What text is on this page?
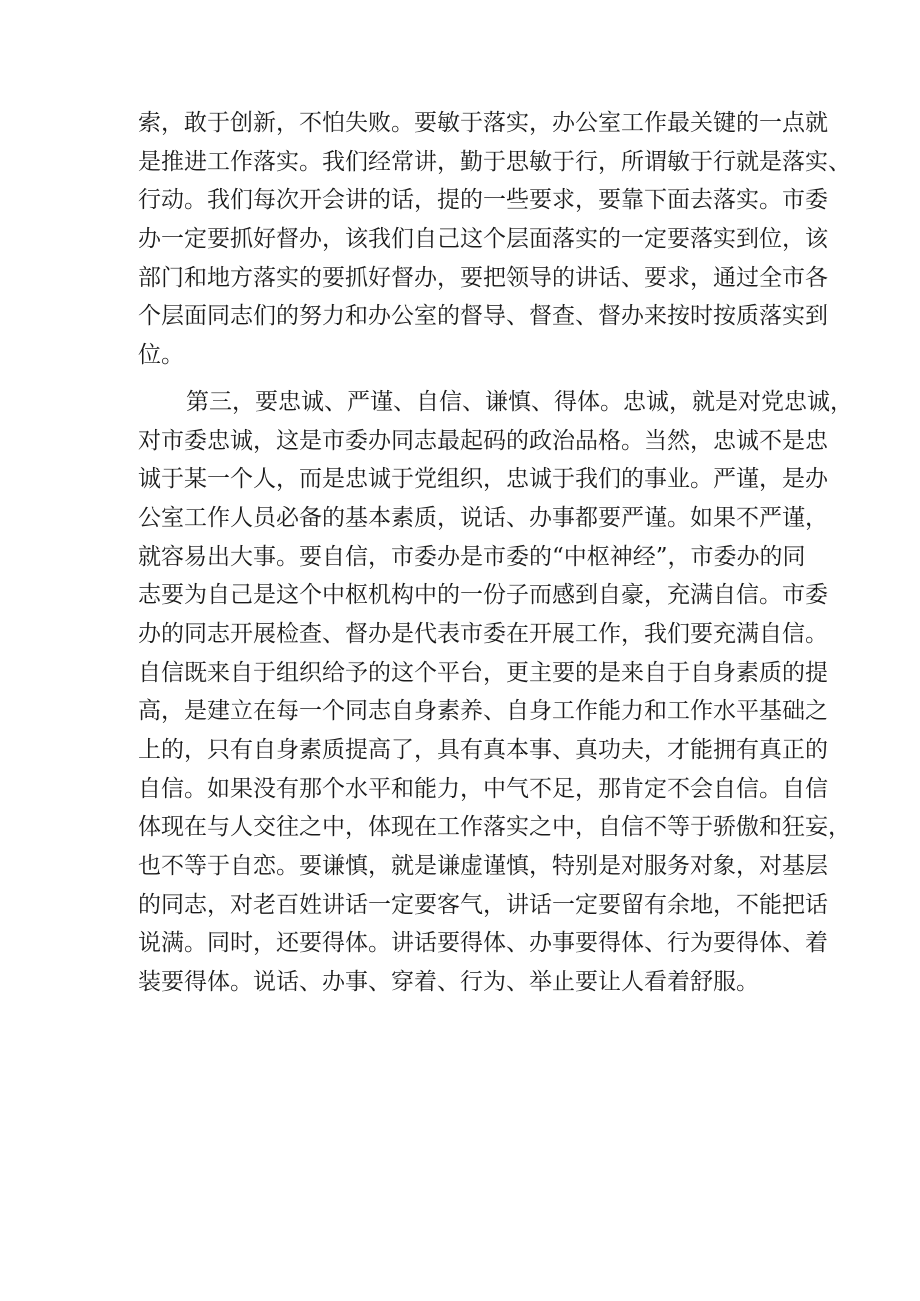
索，敢于创新，不怕失败。要敏于落实，办公室工作最关键的一点就
是推进工作落实。我们经常讲，勤于思敏于行，所谓敏于行就是落实、
行动。我们每次开会讲的话，提的一些要求，要靠下面去落实。市委
办一定要抓好督办，该我们自己这个层面落实的一定要落实到位，该
部门和地方落实的要抓好督办，要把领导的讲话、要求，通过全市各
个层面同志们的努力和办公室的督导、督查、督办来按时按质落实到
位。
第三，要忠诚、严谨、自信、谦慎、得体。忠诚，就是对党忠诚，
对市委忠诚，这是市委办同志最起码的政治品格。当然，忠诚不是忠
诚于某一个人，而是忠诚于党组织，忠诚于我们的事业。严谨，是办
公室工作人员必备的基本素质，说话、办事都要严谨。如果不严谨，
就容易出大事。要自信，市委办是市委的“中枢神经”，市委办的同
志要为自己是这个中枢机构中的一份子而感到自豪，充满自信。市委
办的同志开展检查、督办是代表市委在开展工作，我们要充满自信。
自信既来自于组织给予的这个平台，更主要的是来自于自身素质的提
高，是建立在每一个同志自身素养、自身工作能力和工作水平基础之
上的，只有自身素质提高了，具有真本事、真功夫，才能拥有真正的
自信。如果没有那个水平和能力，中气不足，那肯定不会自信。自信
体现在与人交往之中，体现在工作落实之中，自信不等于骄傲和狂妄，
也不等于自恋。要谦慎，就是谦虚谨慎，特别是对服务对象，对基层
的同志，对老百姓讲话一定要客气，讲话一定要留有余地，不能把话
说满。同时，还要得体。讲话要得体、办事要得体、行为要得体、着
装要得体。说话、办事、穿着、行为、举止要让人看着舒服。
